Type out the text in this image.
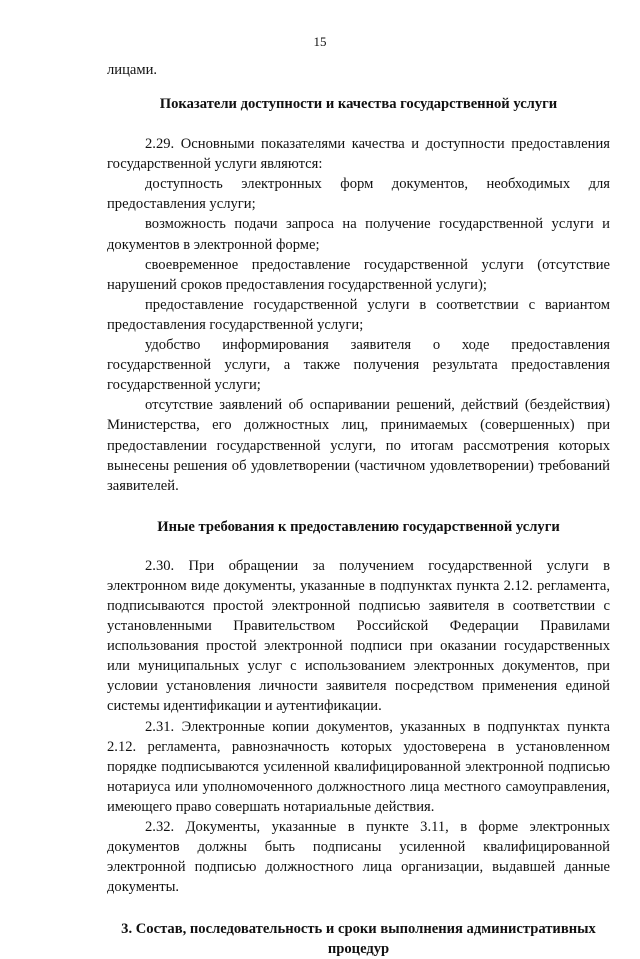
15

лицами.

Показатели доступности и качества государственной услуги

2.29. Основными показателями качества и доступности предоставления государственной услуги являются:

доступность электронных форм документов, необходимых для предоставления услуги;

возможность подачи запроса на получение государственной услуги и документов в электронной форме;

своевременное предоставление государственной услуги (отсутствие нарушений сроков предоставления государственной услуги);

предоставление государственной услуги в соответствии с вариантом предоставления государственной услуги;

удобство информирования заявителя о ходе предоставления государственной услуги, а также получения результата предоставления государственной услуги;

отсутствие заявлений об оспаривании решений, действий (бездействия) Министерства, его должностных лиц, принимаемых (совершенных) при предоставлении государственной услуги, по итогам рассмотрения которых вынесены решения об удовлетворении (частичном удовлетворении) требований заявителей.

Иные требования к предоставлению государственной услуги

2.30. При обращении за получением государственной услуги в электронном виде документы, указанные в подпунктах пункта 2.12. регламента, подписываются простой электронной подписью заявителя в соответствии с установленными Правительством Российской Федерации Правилами использования простой электронной подписи при оказании государственных или муниципальных услуг с использованием электронных документов, при условии установления личности заявителя посредством применения единой системы идентификации и аутентификации.

2.31. Электронные копии документов, указанных в подпунктах пункта 2.12. регламента, равнозначность которых удостоверена в установленном порядке подписываются усиленной квалифицированной электронной подписью нотариуса или уполномоченного должностного лица местного самоуправления, имеющего право совершать нотариальные действия.

2.32. Документы, указанные в пункте 3.11, в форме электронных документов должны быть подписаны усиленной квалифицированной электронной подписью должностного лица организации, выдавшей данные документы.

3. Состав, последовательность и сроки выполнения административных процедур
